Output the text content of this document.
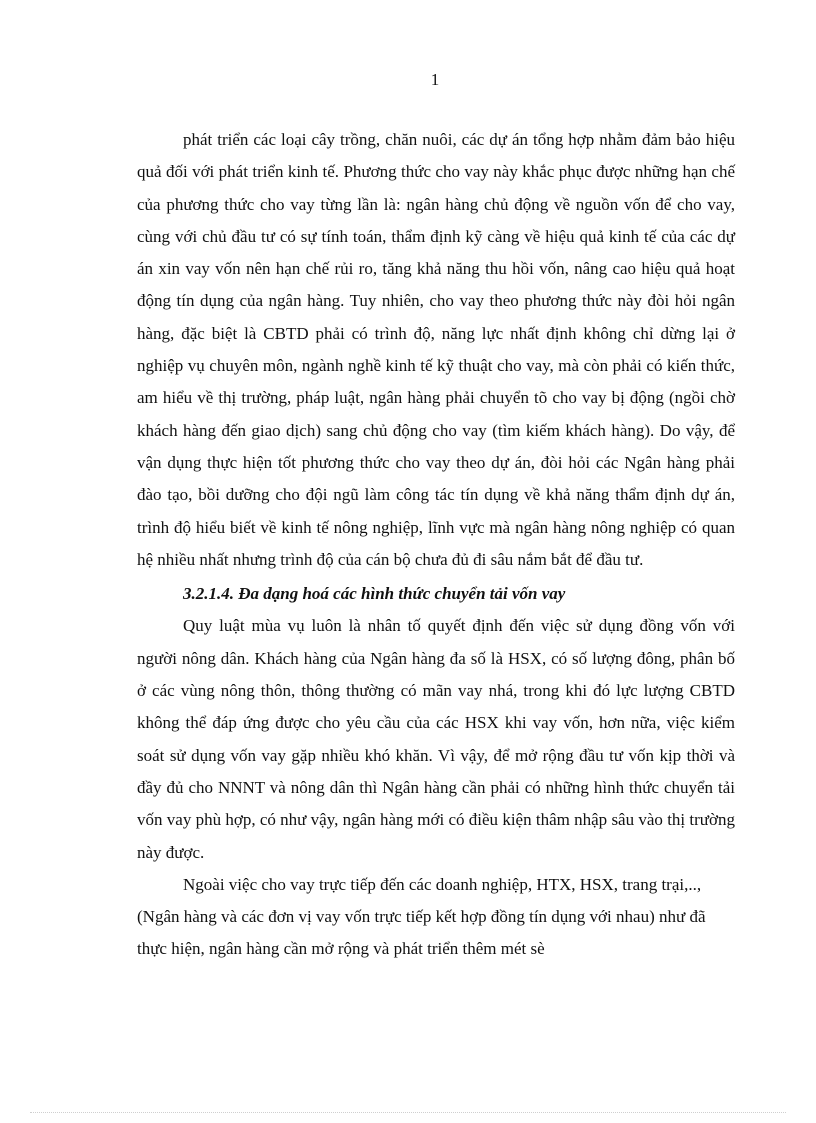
1

phát triển các loại cây trồng, chăn nuôi, các dự án tổng hợp nhằm đảm bảo hiệu quả đối với phát triển kinh tế. Phương thức cho vay này khắc phục được những hạn chế của phương thức cho vay từng lần là: ngân hàng chủ động về nguồn vốn để cho vay, cùng với chủ đầu tư có sự tính toán, thẩm định kỹ càng về hiệu quả kinh tế của các dự án xin vay vốn nên hạn chế rủi ro, tăng khả năng thu hồi vốn, nâng cao hiệu quả hoạt động tín dụng của ngân hàng. Tuy nhiên, cho vay theo phương thức này đòi hỏi ngân hàng, đặc biệt là CBTD phải có trình độ, năng lực nhất định không chỉ dừng lại ở nghiệp vụ chuyên môn, ngành nghề kinh tế kỹ thuật cho vay, mà còn phải có kiến thức, am hiểu về thị trường, pháp luật, ngân hàng phải chuyển tõ cho vay bị động (ngồi chờ khách hàng đến giao dịch) sang chủ động cho vay (tìm kiếm khách hàng). Do vậy, để vận dụng thực hiện tốt phương thức cho vay theo dự án, đòi hỏi các Ngân hàng phải đào tạo, bồi dưỡng cho đội ngũ làm công tác tín dụng về khả năng thẩm định dự án, trình độ hiểu biết về kinh tế nông nghiệp, lĩnh vực mà ngân hàng nông nghiệp có quan hệ nhiều nhất nhưng trình độ của cán bộ chưa đủ đi sâu nắm bắt để đầu tư.

3.2.1.4. Đa dạng hoá các hình thức chuyển tải vốn vay

Quy luật mùa vụ luôn là nhân tố quyết định đến việc sử dụng đồng vốn với người nông dân. Khách hàng của Ngân hàng đa số là HSX, có số lượng đông, phân bố ở các vùng nông thôn, thông thường có mãn vay nhá, trong khi đó lực lượng CBTD không thể đáp ứng được cho yêu cầu của các HSX khi vay vốn, hơn nữa, việc kiểm soát sử dụng vốn vay gặp nhiều khó khăn. Vì vậy, để mở rộng đầu tư vốn kịp thời và đầy đủ cho NNNT và nông dân thì Ngân hàng cần phải có những hình thức chuyển tải vốn vay phù hợp, có như vậy, ngân hàng mới có điều kiện thâm nhập sâu vào thị trường này được.

Ngoài việc cho vay trực tiếp đến các doanh nghiệp, HTX, HSX, trang trại,.., (Ngân hàng và các đơn vị vay vốn trực tiếp kết hợp đồng tín dụng với nhau) như đã thực hiện, ngân hàng cần mở rộng và phát triển thêm mét sè
